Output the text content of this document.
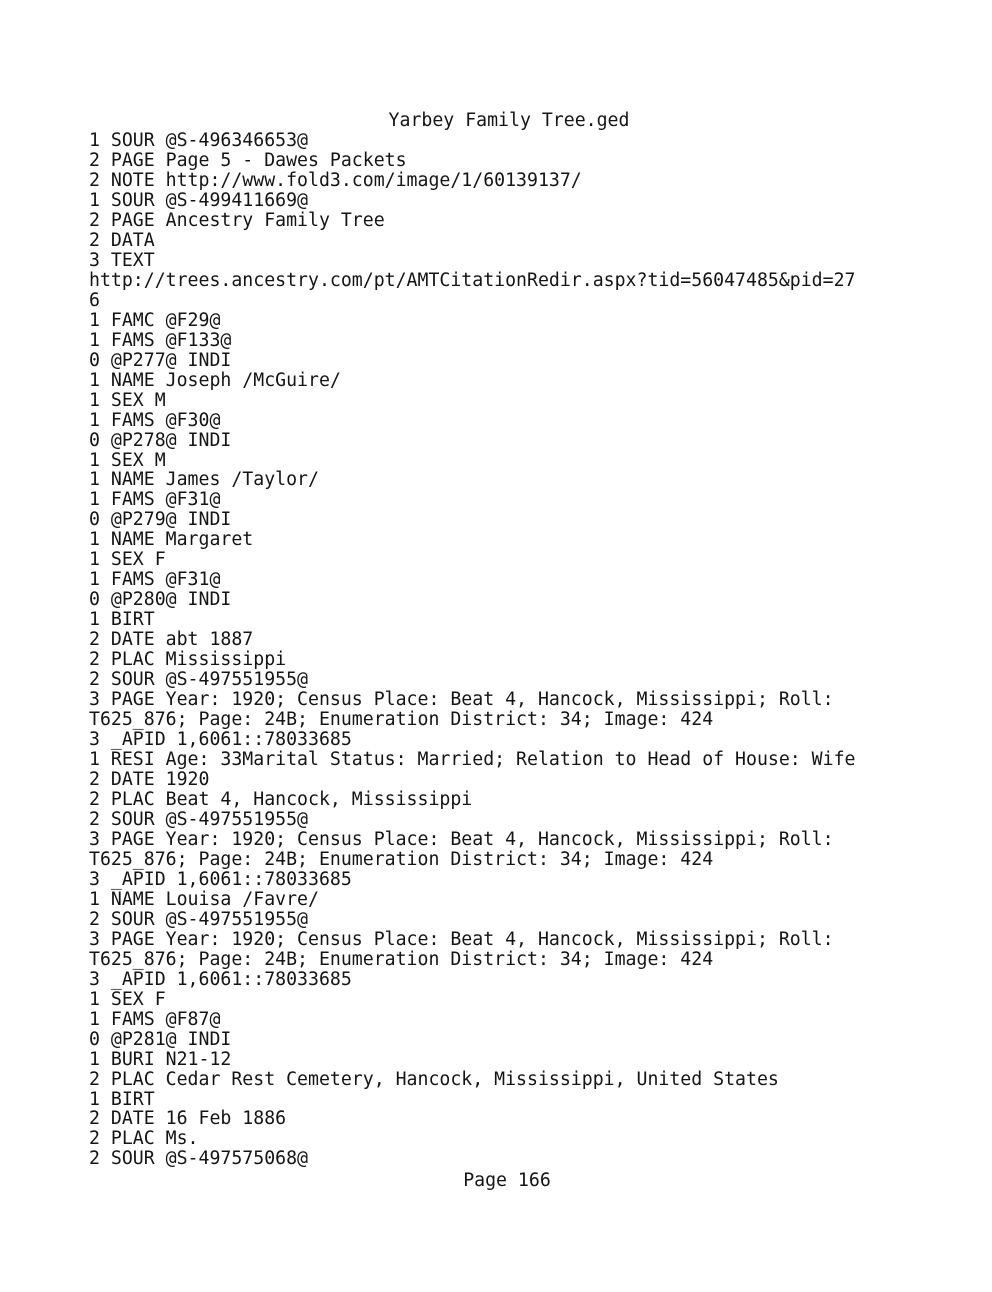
Yarbey Family Tree.ged
1 SOUR @S-496346653@
2 PAGE Page 5 - Dawes Packets
2 NOTE http://www.fold3.com/image/1/60139137/
1 SOUR @S-499411669@
2 PAGE Ancestry Family Tree
2 DATA
3 TEXT
http://trees.ancestry.com/pt/AMTCitationRedir.aspx?tid=56047485&pid=27
6
1 FAMC @F29@
1 FAMS @F133@
0 @P277@ INDI
1 NAME Joseph /McGuire/
1 SEX M
1 FAMS @F30@
0 @P278@ INDI
1 SEX M
1 NAME James /Taylor/
1 FAMS @F31@
0 @P279@ INDI
1 NAME Margaret
1 SEX F
1 FAMS @F31@
0 @P280@ INDI
1 BIRT
2 DATE abt 1887
2 PLAC Mississippi
2 SOUR @S-497551955@
3 PAGE Year: 1920; Census Place: Beat 4, Hancock, Mississippi; Roll:
T625_876; Page: 24B; Enumeration District: 34; Image: 424
3 _APID 1,6061::78033685
1 RESI Age: 33Marital Status: Married; Relation to Head of House: Wife
2 DATE 1920
2 PLAC Beat 4, Hancock, Mississippi
2 SOUR @S-497551955@
3 PAGE Year: 1920; Census Place: Beat 4, Hancock, Mississippi; Roll:
T625_876; Page: 24B; Enumeration District: 34; Image: 424
3 _APID 1,6061::78033685
1 NAME Louisa /Favre/
2 SOUR @S-497551955@
3 PAGE Year: 1920; Census Place: Beat 4, Hancock, Mississippi; Roll:
T625_876; Page: 24B; Enumeration District: 34; Image: 424
3 _APID 1,6061::78033685
1 SEX F
1 FAMS @F87@
0 @P281@ INDI
1 BURI N21-12
2 PLAC Cedar Rest Cemetery, Hancock, Mississippi, United States
1 BIRT
2 DATE 16 Feb 1886
2 PLAC Ms.
2 SOUR @S-497575068@
Page 166
